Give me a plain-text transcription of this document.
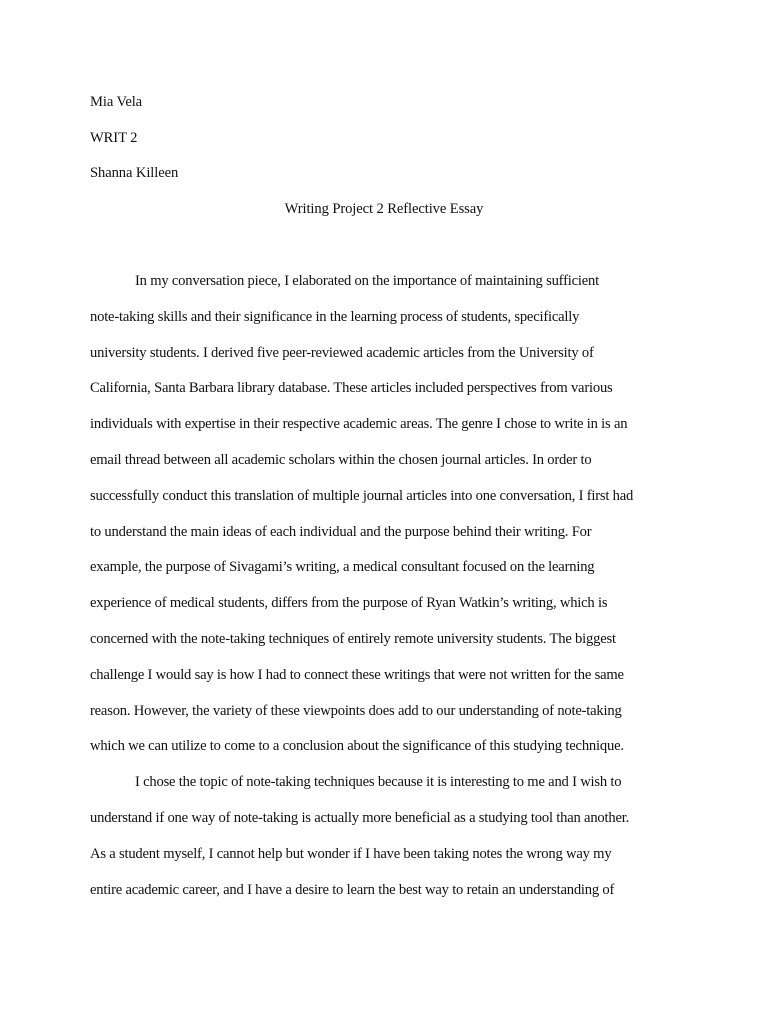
Mia Vela
WRIT 2
Shanna Killeen
Writing Project 2 Reflective Essay
In my conversation piece, I elaborated on the importance of maintaining sufficient
note-taking skills and their significance in the learning process of students, specifically
university students. I derived five peer-reviewed academic articles from the University of
California, Santa Barbara library database. These articles included perspectives from various
individuals with expertise in their respective academic areas. The genre I chose to write in is an
email thread between all academic scholars within the chosen journal articles. In order to
successfully conduct this translation of multiple journal articles into one conversation, I first had
to understand the main ideas of each individual and the purpose behind their writing. For
example, the purpose of Sivagami’s writing, a medical consultant focused on the learning
experience of medical students, differs from the purpose of Ryan Watkin’s writing, which is
concerned with the note-taking techniques of entirely remote university students. The biggest
challenge I would say is how I had to connect these writings that were not written for the same
reason. However, the variety of these viewpoints does add to our understanding of note-taking
which we can utilize to come to a conclusion about the significance of this studying technique.
I chose the topic of note-taking techniques because it is interesting to me and I wish to
understand if one way of note-taking is actually more beneficial as a studying tool than another.
As a student myself, I cannot help but wonder if I have been taking notes the wrong way my
entire academic career, and I have a desire to learn the best way to retain an understanding of
